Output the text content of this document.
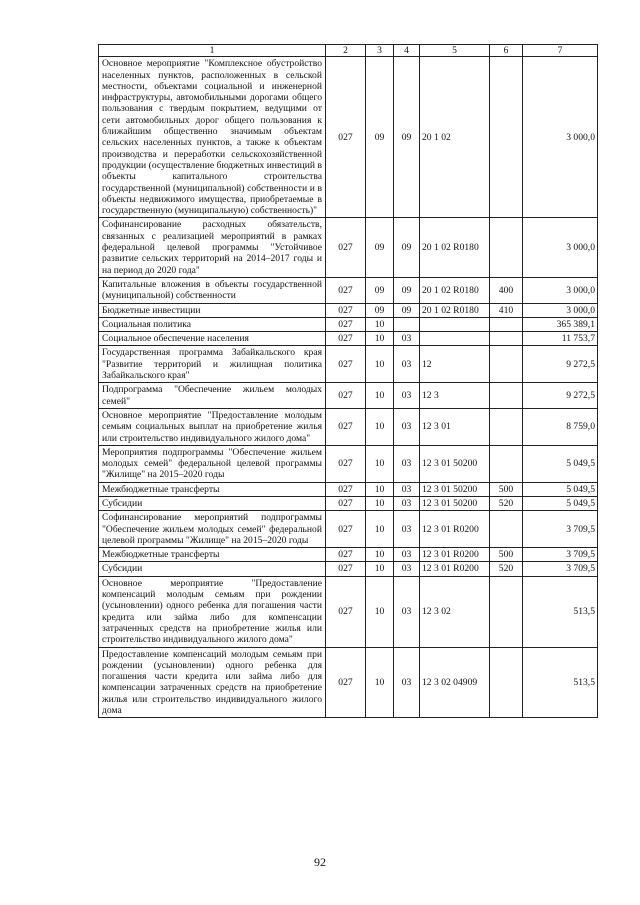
1	2	3	4	5	6	7
Основное мероприятие "Комплексное обустройство населенных пунктов, расположенных в сельской местности, объектами социальной и инженерной инфраструктуры, автомобильными дорогами общего пользования с твердым покрытием, ведущими от сети автомобильных дорог общего пользования к ближайшим общественно значимым объектам сельских населенных пунктов, а также к объектам производства и переработки сельскохозяйственной продукции (осуществление бюджетных инвестиций в объекты капитального строительства государственной (муниципальной) собственности и в объекты недвижимого имущества, приобретаемые в государственную (муниципальную) собственность)"	027	09	09	20 1 02		3 000,0
Софинансирование расходных обязательств, связанных с реализацией мероприятий в рамках федеральной целевой программы "Устойчивое развитие сельских территорий на 2014–2017 годы и на период до 2020 года"	027	09	09	20 1 02 R0180		3 000,0
Капитальные вложения в объекты государственной (муниципальной) собственности	027	09	09	20 1 02 R0180	400	3 000,0
Бюджетные инвестиции	027	09	09	20 1 02 R0180	410	3 000,0
Социальная политика	027	10				365 389,1
Социальное обеспечение населения	027	10	03			11 753,7
Государственная программа Забайкальского края "Развитие территорий и жилищная политика Забайкальского края"	027	10	03	12		9 272,5
Подпрограмма "Обеспечение жильем молодых семей"	027	10	03	12 3		9 272,5
Основное мероприятие "Предоставление молодым семьям социальных выплат на приобретение жилья или строительство индивидуального жилого дома"	027	10	03	12 3 01		8 759,0
Мероприятия подпрограммы "Обеспечение жильем молодых семей" федеральной целевой программы "Жилище" на 2015–2020 годы	027	10	03	12 3 01 50200		5 049,5
Межбюджетные трансферты	027	10	03	12 3 01 50200	500	5 049,5
Субсидии	027	10	03	12 3 01 50200	520	5 049,5
Софинансирование мероприятий подпрограммы "Обеспечение жильем молодых семей" федеральной целевой программы "Жилище" на 2015–2020 годы	027	10	03	12 3 01 R0200		3 709,5
Межбюджетные трансферты	027	10	03	12 3 01 R0200	500	3 709,5
Субсидии	027	10	03	12 3 01 R0200	520	3 709,5
Основное мероприятие "Предоставление компенсаций молодым семьям при рождении (усыновлении) одного ребенка для погашения части кредита или займа либо для компенсации затраченных средств на приобретение жилья или строительство индивидуального жилого дома"	027	10	03	12 3 02		513,5
Предоставление компенсаций молодым семьям при рождении (усыновлении) одного ребенка для погашения части кредита или займа либо для компенсации затраченных средств на приобретение жилья или строительство индивидуального жилого дома	027	10	03	12 3 02 04909		513,5
92
